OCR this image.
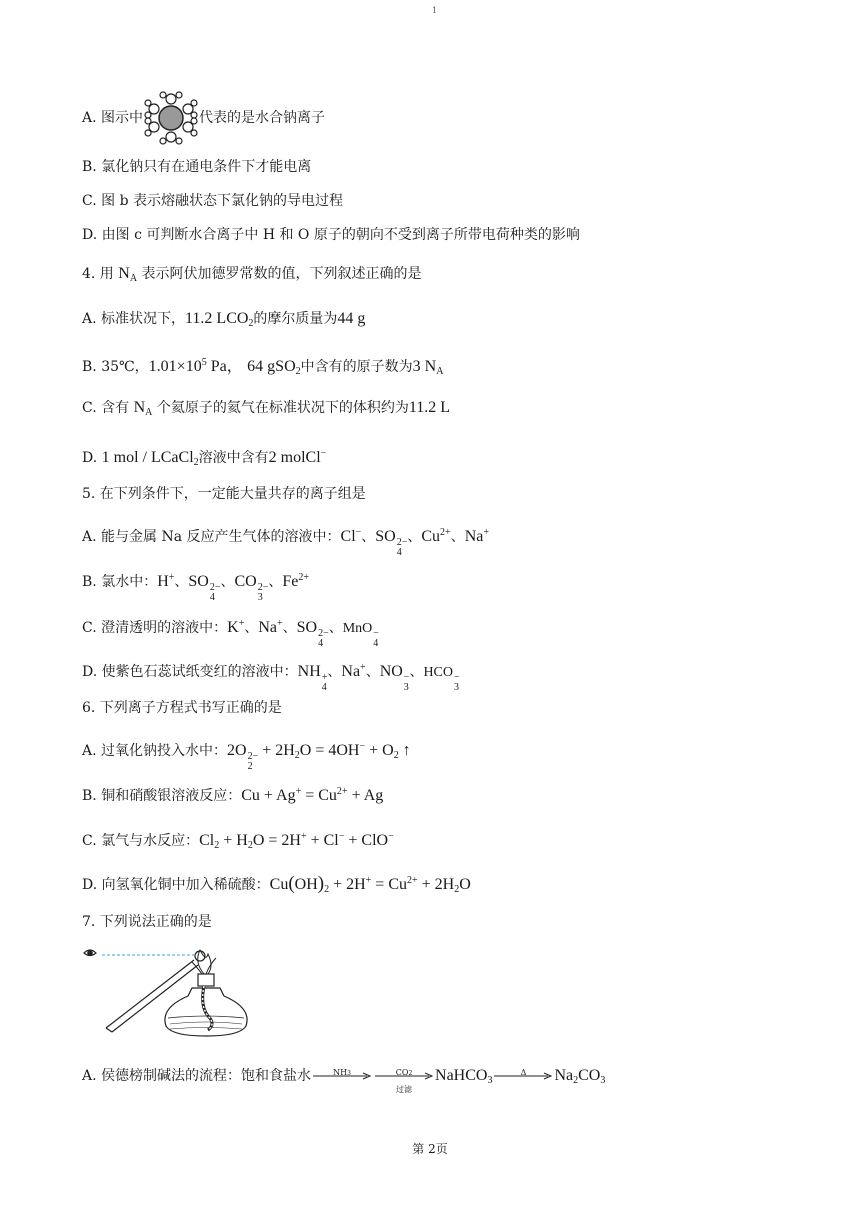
1
A. 图示中	代表的是水合钠离子
B. 氯化钠只有在通电条件下才能电离
C. 图 b 表示熔融状态下氯化钠的导电过程
D. 由图 c 可判断水合离子中 H 和 O 原子的朝向不受到离子所带电荷种类的影响
4. 用 $N_A$ 表示阿伏加德罗常数的值，下列叙述正确的是
A. 标准状况下，11.2 $LCO_2$的摩尔质量为44 g
B. 35℃，$1.01\times 10^5$ Pa， 64 gSO$_2$中含有的原子数为3 $N_A$
C. 含有 $N_A$ 个氦原子的氦气在标准状况下的体积约为11.2 L
D. 1 mol / LCaCl$_2$溶液中含有2 molCl−
5. 在下列条件下，一定能大量共存的离子组是
A. 能与金属 Na 反应产生气体的溶液中：Cl−、SO 2−
4
、$Cu^{2+}$、Na+
B. 氯水中：H+、SO 2−
4
、CO 2−
3
、$Fe^{2+}$
C. 澄清透明的溶液中：K+、Na+、SO 2−
4
、MnO −
4
D. 使紫色石蕊试纸变红的溶液中：NH +
4
、Na+、NO −
3
、HCO −
3
6. 下列离子方程式书写正确的是
A. 过氧化钠投入水中：2O 2−
2
+ $2H_2O = 4OH^- + O_2$ ↑
B. 铜和硝酸银溶液反应：$Cu + Ag^+ = Cu^{2+} + Ag$
C. 氯气与水反应：$Cl_2 + H_2O = 2H^+ + Cl^- + ClO^-$
D. 向氢氧化铜中加入稀硫酸：$Cu(OH)_2 + 2H^+ = Cu^{2+} + 2H_2O$
7. 下列说法正确的是
A. 侯德榜制碱法的流程：饱和食盐水	NH3	CO2
过滤
NaHCO$_3$
Δ	$Na_2CO_3$
第 2页
